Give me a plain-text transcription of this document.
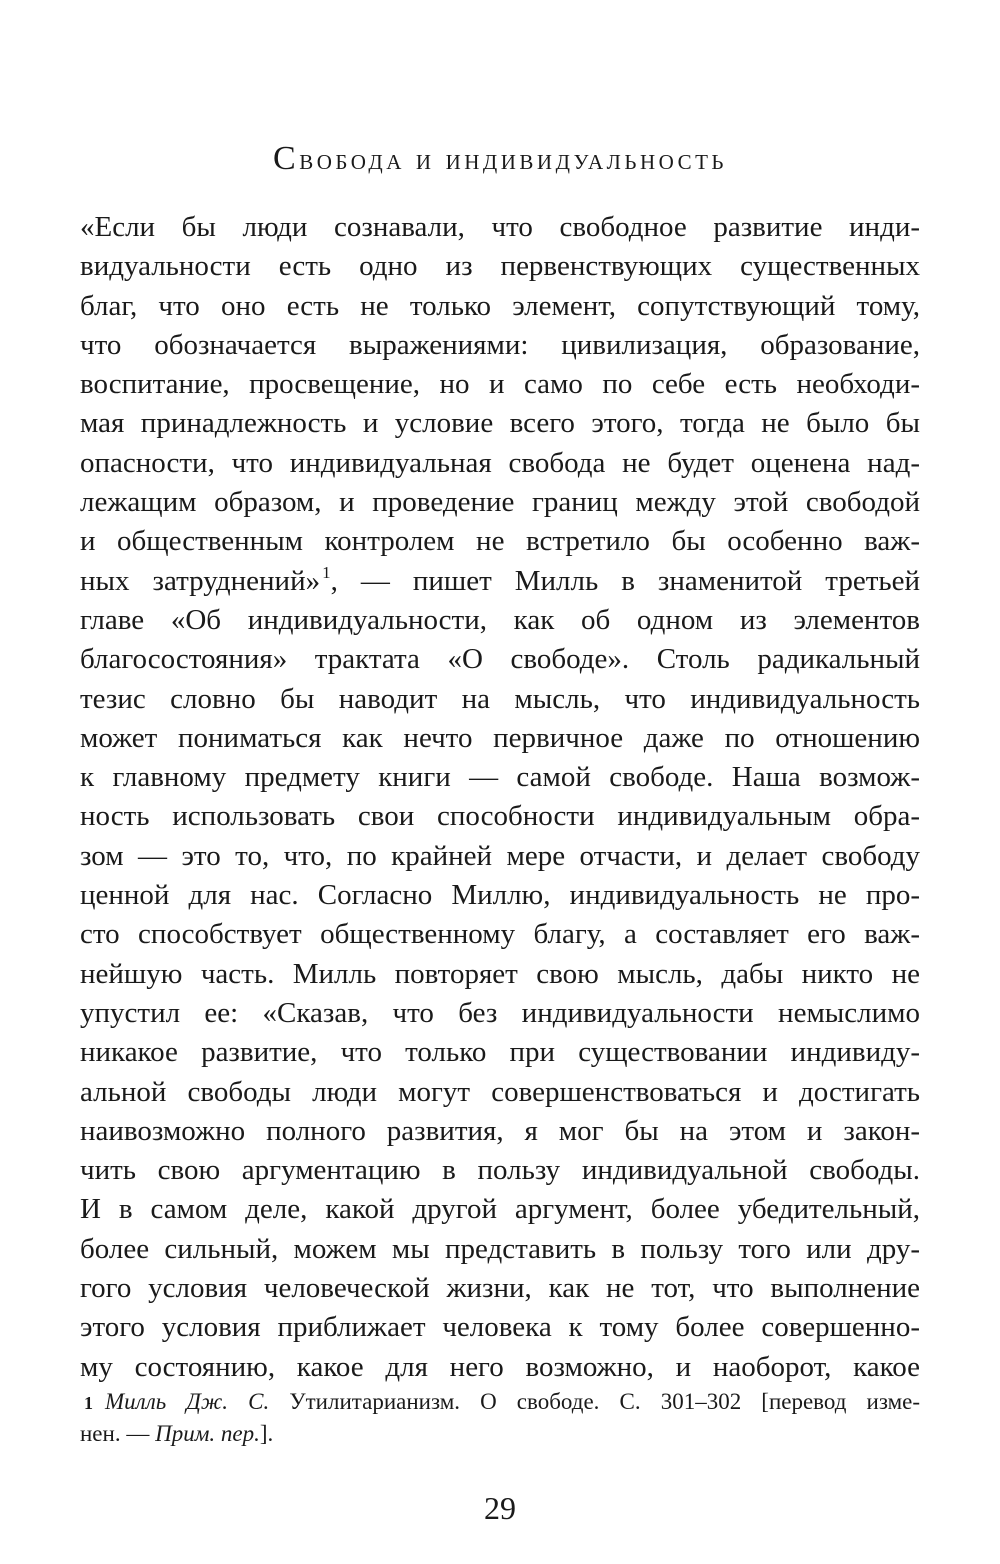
Свобода и индивидуальность
«Если бы люди сознавали, что свободное развитие инди-
видуальности есть одно из первенствующих существенных
благ, что оно есть не только элемент, сопутствующий тому,
что обозначается выражениями: цивилизация, образование,
воспитание, просвещение, но и само по себе есть необходи-
мая принадлежность и условие всего этого, тогда не было бы
опасности, что индивидуальная свобода не будет оценена над-
лежащим образом, и проведение границ между этой свободой
и общественным контролем не встретило бы особенно важ-
ных затруднений» $^1$, — пишет Милль в знаменитой третьей
главе «Об индивидуальности, как об одном из элементов
благосостояния» трактата «О свободе». Столь радикальный
тезис словно бы наводит на мысль, что индивидуальность
может пониматься как нечто первичное даже по отношению
к главному предмету книги — самой свободе. Наша возмож-
ность использовать свои способности индивидуальным обра-
зом — это то, что, по крайней мере отчасти, и делает свободу
ценной для нас. Согласно Миллю, индивидуальность не про-
сто способствует общественному благу, а составляет его важ-
нейшую часть. Милль повторяет свою мысль, дабы никто не
упустил ее: «Сказав, что без индивидуальности немыслимо
никакое развитие, что только при существовании индивиду-
альной свободы люди могут совершенствоваться и достигать
наивозможно полного развития, я мог бы на этом и закон-
чить свою аргументацию в пользу индивидуальной свободы.
И в самом деле, какой другой аргумент, более убедительный,
более сильный, можем мы представить в пользу того или дру-
гого условия человеческой жизни, как не тот, что выполнение
этого условия приближает человека к тому более совершенно-
му состоянию, какое для него возможно, и наоборот, какое
1 Милль Дж. С. Утилитарианизм. О свободе. С. 301–302 [перевод изме-
нен. — Прим. пер.].
29
